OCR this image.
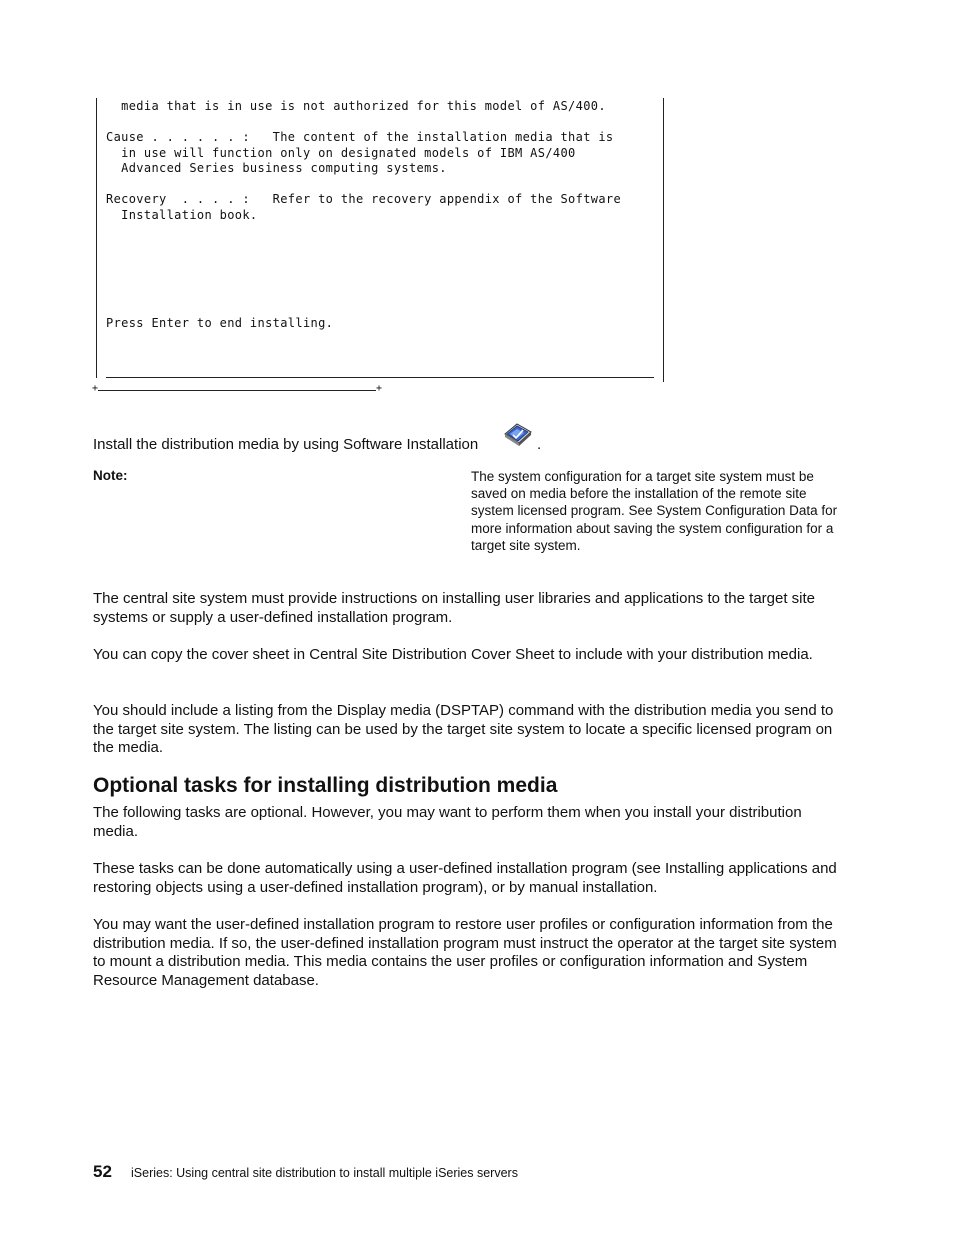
media that is in use is not authorized for this model of AS/400.
Cause . . . . . . :   The content of the installation media that is
in use will function only on designated models of IBM AS/400
Advanced Series business computing systems.
Recovery  . . . . :   Refer to the recovery appendix of the Software
Installation book.
Press Enter to end installing.
+	+
Install the distribution media by using Software Installation	.
Note:	The system configuration for a target site system must be saved on media before the installation of the remote site system licensed program. See System Configuration Data for more information about saving the system configuration for a target site system.
The central site system must provide instructions on installing user libraries and applications to the target site systems or supply a user-defined installation program.
You can copy the cover sheet in Central Site Distribution Cover Sheet to include with your distribution media.
You should include a listing from the Display media (DSPTAP) command with the distribution media you send to the target site system. The listing can be used by the target site system to locate a specific licensed program on the media.
Optional tasks for installing distribution media
The following tasks are optional. However, you may want to perform them when you install your distribution media.
These tasks can be done automatically using a user-defined installation program (see Installing applications and restoring objects using a user-defined installation program), or by manual installation.
You may want the user-defined installation program to restore user profiles or configuration information from the distribution media. If so, the user-defined installation program must instruct the operator at the target site system to mount a distribution media. This media contains the user profiles or configuration information and System Resource Management database.
52 iSeries: Using central site distribution to install multiple iSeries servers
